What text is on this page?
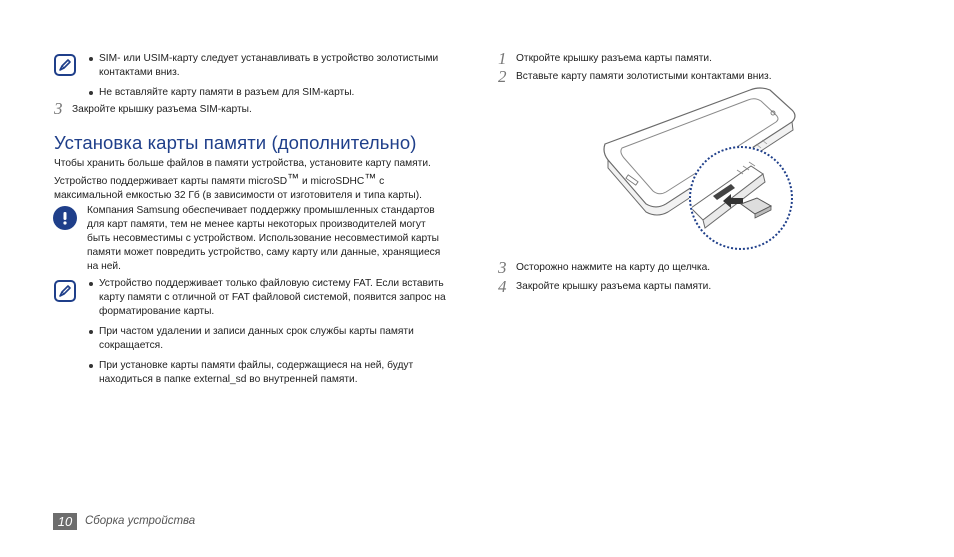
SIM- или USIM-карту следует устанавливать в устройство золотистыми контактами вниз.
Не вставляйте карту памяти в разъем для SIM-карты.
3 Закройте крышку разъема SIM-карты.
Установка карты памяти (дополнительно)
Чтобы хранить больше файлов в памяти устройства, установите карту памяти. Устройство поддерживает карты памяти microSD™ и microSDHC™ с максимальной емкостью 32 Гб (в зависимости от изготовителя и типа карты).
Компания Samsung обеспечивает поддержку промышленных стандартов для карт памяти, тем не менее карты некоторых производителей могут быть несовместимы с устройством. Использование несовместимой карты памяти может повредить устройство, саму карту или данные, хранящиеся на ней.
Устройство поддерживает только файловую систему FAT. Если вставить карту памяти с отличной от FAT файловой системой, появится запрос на форматирование карты.
При частом удалении и записи данных срок службы карты памяти сокращается.
При установке карты памяти файлы, содержащиеся на ней, будут находиться в папке external_sd во внутренней памяти.
1 Откройте крышку разъема карты памяти.
2 Вставьте карту памяти золотистыми контактами вниз.
3 Осторожно нажмите на карту до щелчка.
4 Закройте крышку разъема карты памяти.
10	Сборка устройства
